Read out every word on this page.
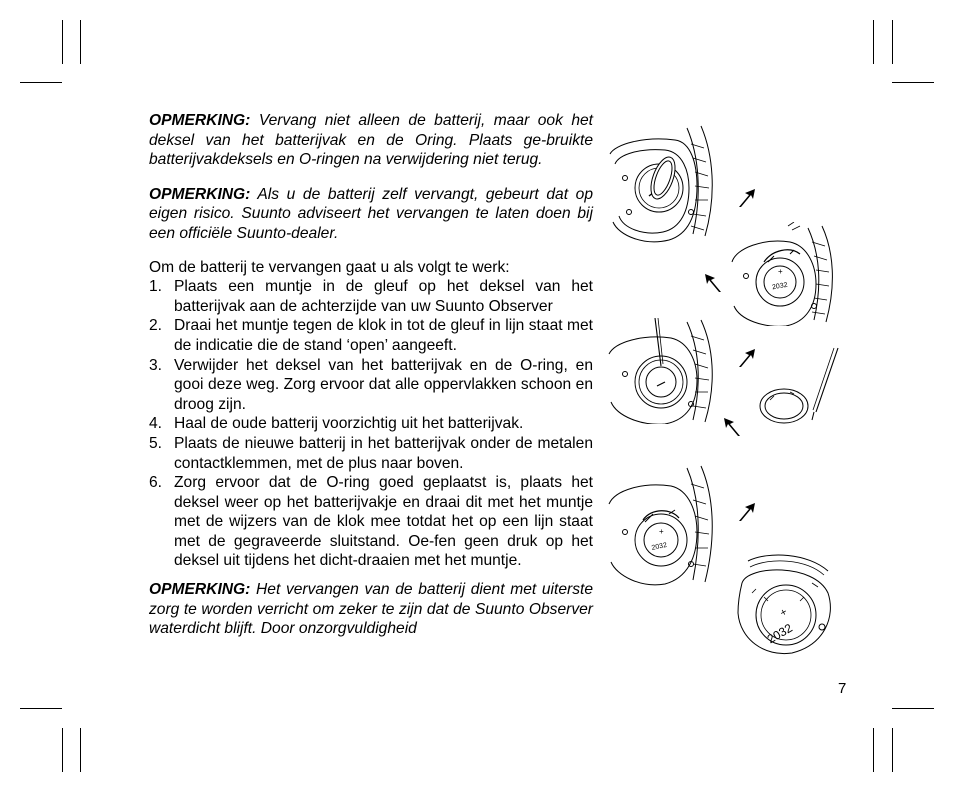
OPMERKING: Vervang niet alleen de batterij, maar ook het deksel van het batterijvak en de Oring. Plaats ge-bruikte batterijvakdeksels en O-ringen na verwijdering niet terug.

OPMERKING: Als u de batterij zelf vervangt, gebeurt dat op eigen risico. Suunto adviseert het vervangen te laten doen bij een officiële Suunto-dealer.

Om de batterij te vervangen gaat u als volgt te werk:

1. Plaats een muntje in de gleuf op het deksel van het batterijvak aan de achterzijde van uw Suunto Observer
2. Draai het muntje tegen de klok in tot de gleuf in lijn staat met de indicatie die de stand ‘open’ aangeeft.
3. Verwijder het deksel van het batterijvak en de O-ring, en gooi deze weg. Zorg ervoor dat alle oppervlakken schoon en droog zijn.
4. Haal de oude batterij voorzichtig uit het batterijvak.
5. Plaats de nieuwe batterij in het batterijvak onder de metalen contactklemmen, met de plus naar boven.
6. Zorg ervoor dat de O-ring goed geplaatst is, plaats het deksel weer op het batterijvakje en draai dit met het muntje met de wijzers van de klok mee totdat het op een lijn staat met de gegraveerde sluitstand. Oe-fen geen druk op het deksel uit tijdens het dicht-draaien met het muntje.

OPMERKING: Het vervangen van de batterij dient met uiterste zorg te worden verricht om zeker te zijn dat de Suunto Observer waterdicht blijft. Door onzorgvuldigheid

7
+
2032
+
2032
+
2032
